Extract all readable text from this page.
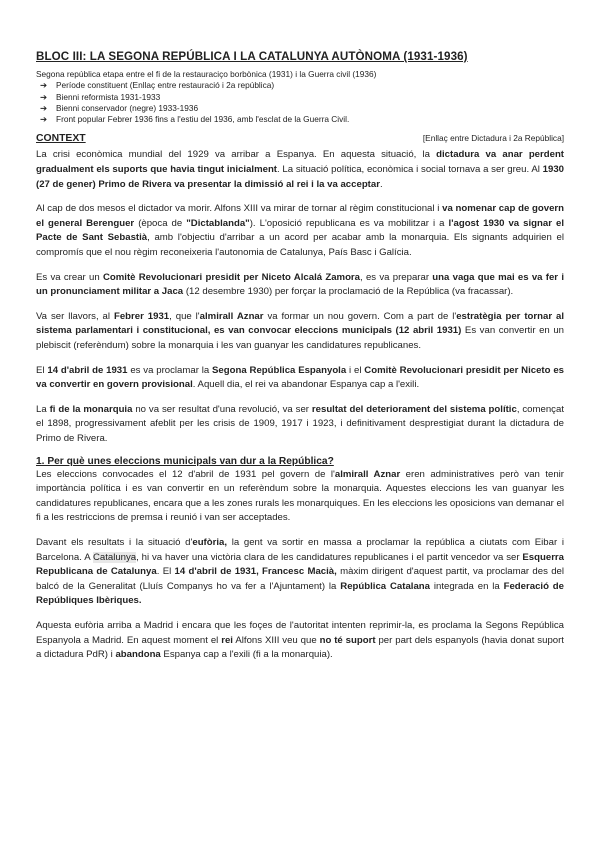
BLOC III: LA SEGONA REPÚBLICA I LA CATALUNYA AUTÒNOMA (1931-1936)
Segona república etapa entre el fi de la restauraciço borbònica (1931) i la Guerra civil (1936)
➔ Període constituent (Enllaç entre restauració i 2a república)
➔ Bienni reformista 1931-1933
➔ Bienni conservador (negre) 1933-1936
➔ Front popular Febrer 1936 fins a l'estiu del 1936, amb l'esclat de la Guerra Civil.
CONTEXT	[Enllaç entre Dictadura i 2a República]

La crisi econòmica mundial del 1929 va arribar a Espanya. En aquesta situació, la dictadura va anar perdent gradualment els suports que havia tingut inicialment. La situació política, econòmica i social tornava a ser greu. Al 1930 (27 de gener) Primo de Rivera va presentar la dimissió al rei i la va acceptar.

Al cap de dos mesos el dictador va morir. Alfons XIII va mirar de tornar al règim constitucional i va nomenar cap de govern el general Berenguer (època de "Dictablanda"). L'oposició republicana es va mobilitzar i a l'agost 1930 va signar el Pacte de Sant Sebastià, amb l'objectiu d'arribar a un acord per acabar amb la monarquia. Els signants adquirien el compromís que el nou règim reconeixeria l'autonomia de Catalunya, País Basc i Galícia.

Es va crear un Comitè Revolucionari presidit per Niceto Alcalá Zamora, es va preparar una vaga que mai es va fer i un pronunciament militar a Jaca (12 desembre 1930) per forçar la proclamació de la República (va fracassar).

Va ser llavors, al Febrer 1931, que l'almirall Aznar va formar un nou govern. Com a part de l'estratègia per tornar al sistema parlamentari i constitucional, es van convocar eleccions municipals (12 abril 1931) Es van convertir en un plebiscit (referèndum) sobre la monarquia i les van guanyar les candidatures republicanes.

El 14 d'abril de 1931 es va proclamar la Segona República Espanyola i el Comitè Revolucionari presidit per Niceto es va convertir en govern provisional. Aquell dia, el rei va abandonar Espanya cap a l'exili.

La fi de la monarquia no va ser resultat d'una revolució, va ser resultat del deteriorament del sistema polític, començat el 1898, progressivament afeblit per les crisis de 1909, 1917 i 1923, i definitivament desprestigiat durant la dictadura de Primo de Rivera.

1. Per què unes eleccions municipals van dur a la República?

Les eleccions convocades el 12 d'abril de 1931 pel govern de l'almirall Aznar eren administratives però van tenir importància política i es van convertir en un referèndum sobre la monarquia. Aquestes eleccions les van guanyar les candidatures republicanes, encara que a les zones rurals les monarquiques. En les eleccions les oposicions van demanar el fi a les restriccions de premsa i reunió i van ser acceptades.

Davant els resultats i la situació d'eufòria, la gent va sortir en massa a proclamar la república a ciutats com Eibar i Barcelona. A Catalunya, hi va haver una victòria clara de les candidatures republicanes i el partit vencedor va ser Esquerra Republicana de Catalunya. El 14 d'abril de 1931, Francesc Macià, màxim dirigent d'aquest partit, va proclamar des del balcó de la Generalitat (Lluís Companys ho va fer a l'Ajuntament) la República Catalana integrada en la Federació de Repúbliques Ibèriques.

Aquesta eufòria arriba a Madrid i encara que les foçes de l'autoritat intenten reprimir-la, es proclama la Segons República Espanyola a Madrid. En aquest moment el rei Alfons XIII veu que no té suport per part dels espanyols (havia donat suport a dictadura PdR) i abandona Espanya cap a l'exili (fi a la monarquia).
